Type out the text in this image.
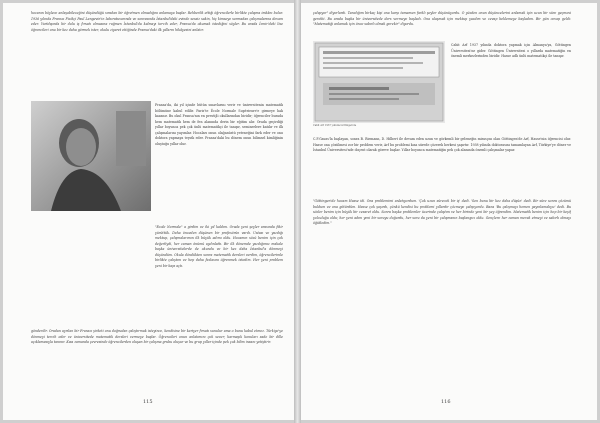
hocanın böylece anlaşabileceğini düşündüğü sıradan bir öğretmen olmadığını anlamaya başlar. Rehberlik ettiği öğrencilerle birlikte çalışma imkânı bulur. 1936 yılında Fransız Fizikçi Paul Langevin'in laboratuvarında ve sonrasında İstanbul'daki evinde sessiz sakin, hiç kimseye sormadan çalışmalarına devam eder. Yurtdışında bir dolu iş fırsatı olmasına rağmen İstanbul'da kalmayı tercih eder, Fransa'da okumak istediğini söyler. Bu arada İzmir'deki lise öğrencileri onu bir kez daha görmek ister, okulu ziyaret ettiğinde Fransa'daki ilk yılların hikâyesini anlatır.
Fransa'da, iki yıl içinde bütün sınavlarını verir ve üniversitenin matematik bölümüne kabul edilir. Paris'te École Normale Supérieure'e girmeye hak kazanır. Bu okul Fransa'nın en prestijli okullarından biridir; öğrenciler burada hem matematik hem de fen alanında derin bir eğitim alır. Orada geçirdiği yıllar boyunca pek çok ünlü matematikçi ile tanışır, seminerlere katılır ve ilk çalışmalarını yayımlar. Hocaları onun olağanüstü yeteneğini fark eder ve onu doktora yapmaya teşvik eder. Fransa'daki bu dönem onun bilimsel kimliğinin oluştuğu yıllar olur.
"École Normale" a girdim ve iki yıl kaldım. Orada yeni şeyler arasında fikir yürüttük. Daha önceden düşünen bir profesörün vardı. Ustası ve yazdığı mektup, çalışmalarımın ilk büyük adımı oldu. Hocamın sözü benim için çok değerliydi, her zaman önümü aydınlattı. Bir ilk dönemde yazdığımız makale başka üniversitelerde de okundu ve bir kez daha İstanbul'a dönmeyi düşündüm. Okula döndükten sonra matematik dersleri verdim, öğrencilerimle birlikte çalıştım ve hep daha fazlasını öğrenmek istedim. Her yeni problem yeni bir kapı açtı.
gönderilir. Oradan ayrılan bir Fransız şirketi onu doğrudan çalıştırmak isteyince, kendisine bir kariyer fırsatı sunulur ama o bunu kabul etmez. Türkiye'ye dönmeyi tercih eder ve üniversitede matematik dersleri vermeye başlar. Öğrencileri onun anlatımını çok sever; karmaşık konuları sade bir dille açıklamasıyla tanınır. Kısa zamanda çevresinde öğrencilerden oluşan bir çalışma grubu oluşur ve bu grup yıllar içinde pek çok bilim insanı yetiştirir.
115
çalışıyor" diyorlardı. Tanıdığım birkaç kişi ona karşı tamamen farklı şeyler düşünüyordu. O yüzden onun düşüncelerini anlamak için uzun bir süre geçmesi gerekti. Bu arada başka bir üniversitede ders vermeye başladı. Ona ulaşmak için mektup yazdım ve cevap beklemeye başladım. Bir gün cevap geldi: "Matematiği anlamak için önce sabırlı olmak gerekir" diyordu.
Cahit Arf 1937 yılında Göttingen'de
Cahit Arf 1937 yılında doktora yapmak için Almanya'ya, Göttingen Üniversitesi'ne gider. Göttingen Üniversitesi o yıllarda matematiğin en önemli merkezlerinden biridir. Hasse adlı ünlü matematikçi ile tanışır.
C.F.Gauss'la başlayan, sonra B. Riemann, D. Hilbert ile devam eden uzun ve görkemli bir geleneğin mirasçısı olan Göttingen'de Arf, Hasse'nin öğrencisi olur. Hasse ona çözülmesi zor bir problem verir, Arf bu problemi kısa sürede çözerek herkesi şaşırtır. 1938 yılında doktorasını tamamlayan Arf, Türkiye'ye döner ve İstanbul Üniversitesi'nde doçent olarak göreve başlar. Yıllar boyunca matematiğin pek çok alanında önemli çalışmalar yapar.
"Göttingen'de hocam Hasse idi. Ona problemimi anlatıyordum. 'Çok uzun sürecek bir iş' dedi. 'Sen bunu bir kez daha düşün' dedi. Bir süre sonra çözümü buldum ve ona götürdüm. Hasse çok şaşırdı, çünkü kendisi bu problemi yıllardır çözmeye çalışıyordu. Bana 'Bu çalışmayı hemen yayınlamalıyız' dedi. Bu sözler benim için büyük bir cesaret oldu. Sonra başka problemler üzerinde çalıştım ve her birinde yeni bir şey öğrendim. Matematik benim için hep bir keşif yolculuğu oldu; her yeni adım yeni bir soruyu doğurdu, her soru da yeni bir çalışmanın başlangıcı oldu. Gençlere her zaman merak etmeyi ve sabırlı olmayı öğütledim."
116
